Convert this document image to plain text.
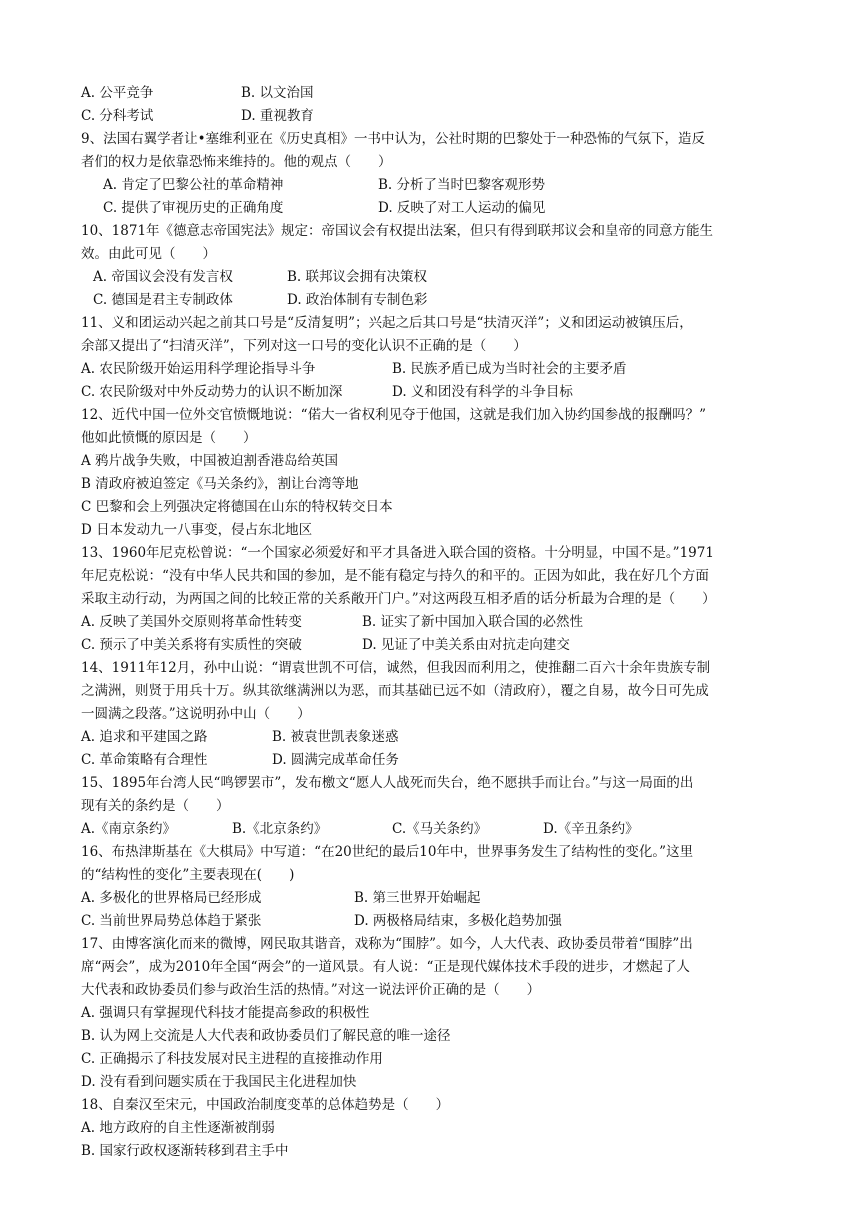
A. 公平竞争	B. 以文治国
C. 分科考试	D. 重视教育
9、法国右翼学者让•塞维利亚在《历史真相》一书中认为，公社时期的巴黎处于一种恐怖的气氛下，造反
者们的权力是依靠恐怖来维持的。他的观点（　　）
A. 肯定了巴黎公社的革命精神	B. 分析了当时巴黎客观形势
C. 提供了审视历史的正确角度	D. 反映了对工人运动的偏见
10、1871年《德意志帝国宪法》规定：帝国议会有权提出法案，但只有得到联邦议会和皇帝的同意方能生
效。由此可见（　　）
A. 帝国议会没有发言权	B. 联邦议会拥有决策权
C. 德国是君主专制政体	D. 政治体制有专制色彩
11、义和团运动兴起之前其口号是“反清复明”；兴起之后其口号是“扶清灭洋”；义和团运动被镇压后，
余部又提出了“扫清灭洋”，下列对这一口号的变化认识不正确的是（　　）
A. 农民阶级开始运用科学理论指导斗争	B. 民族矛盾已成为当时社会的主要矛盾
C. 农民阶级对中外反动势力的认识不断加深	D. 义和团没有科学的斗争目标
12、近代中国一位外交官愤慨地说：“偌大一省权利见夺于他国，这就是我们加入协约国参战的报酬吗？”
他如此愤慨的原因是（　　）
A 鸦片战争失败，中国被迫割香港岛给英国
B 清政府被迫签定《马关条约》，割让台湾等地
C 巴黎和会上列强决定将德国在山东的特权转交日本
D 日本发动九一八事变，侵占东北地区
13、1960年尼克松曾说：“一个国家必须爱好和平才具备进入联合国的资格。十分明显，中国不是。”1971
年尼克松说：“没有中华人民共和国的参加，是不能有稳定与持久的和平的。正因为如此，我在好几个方面
采取主动行动，为两国之间的比较正常的关系敞开门户。”对这两段互相矛盾的话分析最为合理的是（　　）
A. 反映了美国外交原则将革命性转变	B. 证实了新中国加入联合国的必然性
C. 预示了中美关系将有实质性的突破	D. 见证了中美关系由对抗走向建交
14、1911年12月，孙中山说：“谓袁世凯不可信，诚然，但我因而利用之，使推翻二百六十余年贵族专制
之满洲，则贤于用兵十万。纵其欲继满洲以为恶，而其基础已远不如（清政府），覆之自易，故今日可先成
一圆满之段落。”这说明孙中山（　　）
A. 追求和平建国之路	B. 被袁世凯表象迷惑
C. 革命策略有合理性	D. 圆满完成革命任务
15、1895年台湾人民“鸣锣罢市”，发布檄文“愿人人战死而失台，绝不愿拱手而让台。”与这一局面的出
现有关的条约是（　　）
A.《南京条约》	B.《北京条约》	C.《马关条约》	D.《辛丑条约》
16、布热津斯基在《大棋局》中写道：“在20世纪的最后10年中，世界事务发生了结构性的变化。”这里
的“结构性的变化”主要表现在(　　)
A. 多极化的世界格局已经形成	B. 第三世界开始崛起
C. 当前世界局势总体趋于紧张	D. 两极格局结束，多极化趋势加强
17、由博客演化而来的微博，网民取其谐音，戏称为“围脖”。如今，人大代表、政协委员带着“围脖”出
席“两会”，成为2010年全国“两会”的一道风景。有人说：“正是现代媒体技术手段的进步，才燃起了人
大代表和政协委员们参与政治生活的热情。”对这一说法评价正确的是（　　）
A. 强调只有掌握现代科技才能提高参政的积极性
B. 认为网上交流是人大代表和政协委员们了解民意的唯一途径
C. 正确揭示了科技发展对民主进程的直接推动作用
D. 没有看到问题实质在于我国民主化进程加快
18、自秦汉至宋元，中国政治制度变革的总体趋势是（　　）
A. 地方政府的自主性逐渐被削弱
B. 国家行政权逐渐转移到君主手中
